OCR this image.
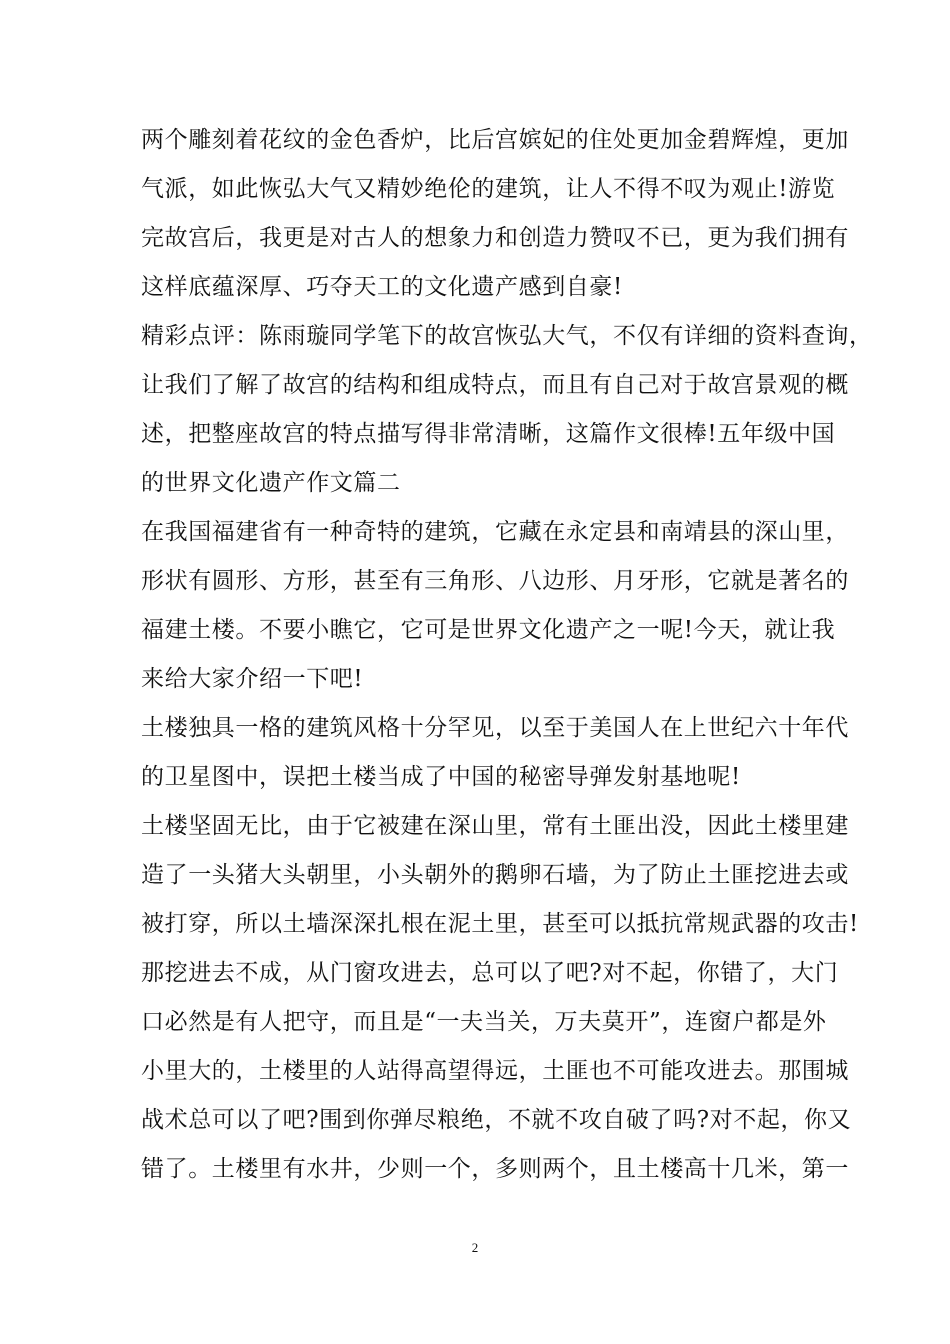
两个雕刻着花纹的金色香炉，比后宫嫔妃的住处更加金碧辉煌，更加
气派，如此恢弘大气又精妙绝伦的建筑，让人不得不叹为观止!游览
完故宫后，我更是对古人的想象力和创造力赞叹不已，更为我们拥有
这样底蕴深厚、巧夺天工的文化遗产感到自豪!
精彩点评：陈雨璇同学笔下的故宫恢弘大气，不仅有详细的资料查询，
让我们了解了故宫的结构和组成特点，而且有自己对于故宫景观的概
述，把整座故宫的特点描写得非常清晰，这篇作文很棒!五年级中国
的世界文化遗产作文篇二
在我国福建省有一种奇特的建筑，它藏在永定县和南靖县的深山里，
形状有圆形、方形，甚至有三角形、八边形、月牙形，它就是著名的
福建土楼。不要小瞧它，它可是世界文化遗产之一呢!今天，就让我
来给大家介绍一下吧!
土楼独具一格的建筑风格十分罕见，以至于美国人在上世纪六十年代
的卫星图中，误把土楼当成了中国的秘密导弹发射基地呢!
土楼坚固无比，由于它被建在深山里，常有土匪出没，因此土楼里建
造了一头猪大头朝里，小头朝外的鹅卵石墙，为了防止土匪挖进去或
被打穿，所以土墙深深扎根在泥土里，甚至可以抵抗常规武器的攻击!
那挖进去不成，从门窗攻进去，总可以了吧?对不起，你错了，大门
口必然是有人把守，而且是“一夫当关，万夫莫开”，连窗户都是外
小里大的，土楼里的人站得高望得远，土匪也不可能攻进去。那围城
战术总可以了吧?围到你弹尽粮绝，不就不攻自破了吗?对不起，你又
错了。土楼里有水井，少则一个，多则两个，且土楼高十几米，第一
2
